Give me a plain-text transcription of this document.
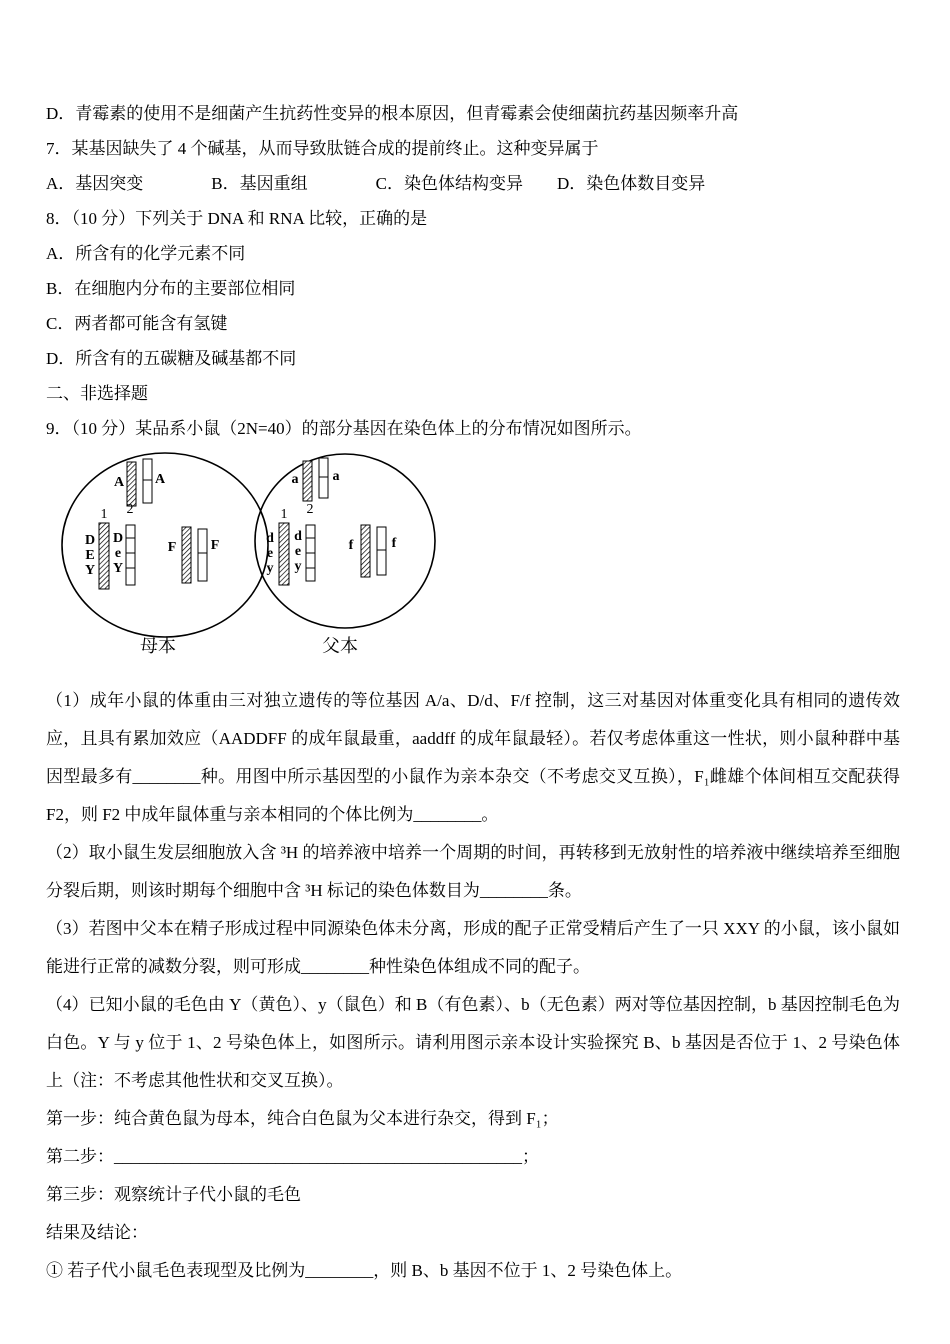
D．青霉素的使用不是细菌产生抗药性变异的根本原因，但青霉素会使细菌抗药基因频率升高
7．某基因缺失了 4 个碱基，从而导致肽链合成的提前终止。这种变异属于
A．基因突变　　　　B．基因重组　　　　C．染色体结构变异　　D．染色体数目变异
8．（10 分）下列关于 DNA 和 RNA 比较，正确的是
A．所含有的化学元素不同
B．在细胞内分布的主要部位相同
C．两者都可能含有氢键
D．所含有的五碳糖及碱基都不同
二、非选择题
9．（10 分）某品系小鼠（2N=40）的部分基因在染色体上的分布情况如图所示。
A A
1 2
D
E
Y
D
e
Y
F F
母本
a a
1 2
d
e
y
d
e
y
f	f
父本
（1）成年小鼠的体重由三对独立遗传的等位基因 A/a、D/d、F/f 控制，这三对基因对体重变化具有相同的遗传效应，且具有累加效应（AADDFF 的成年鼠最重，aaddff 的成年鼠最轻）。若仅考虑体重这一性状，则小鼠种群中基因型最多有________种。用图中所示基因型的小鼠作为亲本杂交（不考虑交叉互换），F₁雌雄个体间相互交配获得 F2，则 F2 中成年鼠体重与亲本相同的个体比例为________。
（2）取小鼠生发层细胞放入含 ³H 的培养液中培养一个周期的时间，再转移到无放射性的培养液中继续培养至细胞分裂后期，则该时期每个细胞中含 ³H 标记的染色体数目为________条。
（3）若图中父本在精子形成过程中同源染色体未分离，形成的配子正常受精后产生了一只 XXY 的小鼠，该小鼠如能进行正常的减数分裂，则可形成________种性染色体组成不同的配子。
（4）已知小鼠的毛色由 Y（黄色）、y（鼠色）和 B（有色素）、b（无色素）两对等位基因控制，b 基因控制毛色为白色。Y 与 y 位于 1、2 号染色体上，如图所示。请利用图示亲本设计实验探究 B、b 基因是否位于 1、2 号染色体上（注：不考虑其他性状和交叉互换）。
第一步：纯合黄色鼠为母本，纯合白色鼠为父本进行杂交，得到 F₁；
第二步：________________________________________________；
第三步：观察统计子代小鼠的毛色
结果及结论：
① 若子代小鼠毛色表现型及比例为________，则 B、b 基因不位于 1、2 号染色体上。
